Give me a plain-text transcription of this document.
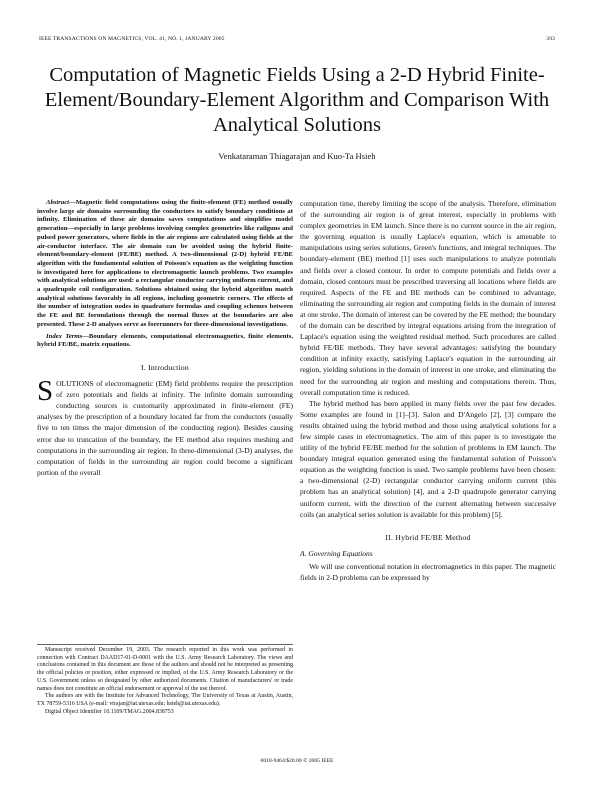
IEEE TRANSACTIONS ON MAGNETICS, VOL. 41, NO. 1, JANUARY 2005	393
Computation of Magnetic Fields Using a 2-D Hybrid Finite-Element/Boundary-Element Algorithm and Comparison With Analytical Solutions
Venkataraman Thiagarajan and Kuo-Ta Hsieh

Abstract—Magnetic field computations using the finite-element (FE) method usually involve large air domains surrounding the conductors to satisfy boundary conditions at infinity. Elimination of these air domains saves computations and simplifies model generation—especially in large problems involving complex geometries like railguns and pulsed power generators, where fields in the air regions are calculated using fields at the air-conductor interface. The air domain can be avoided using the hybrid finite-element/boundary-element (FE/BE) method. A two-dimensional (2-D) hybrid FE/BE algorithm with the fundamental solution of Poisson's equation as the weighting function is investigated here for applications to electromagnetic launch problems. Two examples with analytical solutions are used: a rectangular conductor carrying uniform current, and a quadrupole coil configuration. Solutions obtained using the hybrid algorithm match analytical solutions favorably in all regions, including geometric corners. The effects of the number of integration nodes in quadrature formulas and coupling schemes between the FE and BE formulations through the normal fluxes at the boundaries are also presented. These 2-D analyses serve as forerunners for three-dimensional investigations.

Index Terms—Boundary elements, computational electromagnetics, finite elements, hybrid FE/BE, matrix equations.

I. Introduction

SOLUTIONS of electromagnetic (EM) field problems require the prescription of zero potentials and fields at infinity. The infinite domain surrounding conducting sources is customarily approximated in finite-element (FE) analyses by the prescription of a boundary located far from the conductors (usually five to ten times the major dimension of the conducting region). Besides causing error due to truncation of the boundary, the FE method also requires meshing and computations in the surrounding air region. In three-dimensional (3-D) analyses, the computation of fields in the surrounding air region could become a significant portion of the overall

Manuscript received December 19, 2003. The research reported in this work was performed in connection with Contract DAAD17-01-D-0001 with the U.S. Army Research Laboratory. The views and conclusions contained in this document are those of the authors and should not be interpreted as presenting the official policies or position, either expressed or implied, of the U.S. Army Research Laboratory or the U.S. Government unless so designated by other authorized documents. Citation of manufacturers' or trade names does not constitute an official endorsement or approval of the use thereof.

The authors are with the Institute for Advanced Technology, The University of Texas at Austin, Austin, TX 78759-5316 USA (e-mail: vtrajan@iat.utexas.edu; hsieh@iat.utexas.edu).

Digital Object Identifier 10.1109/TMAG.2004.838753

computation time, thereby limiting the scope of the analysis. Therefore, elimination of the surrounding air region is of great interest, especially in problems with complex geometries in EM launch. Since there is no current source in the air region, the governing equation is usually Laplace's equation, which is amenable to manipulations using series solutions, Green's functions, and integral techniques. The boundary-element (BE) method [1] uses such manipulations to analyze potentials and fields over a closed contour. In order to compute potentials and fields over a domain, closed contours must be prescribed traversing all locations where fields are required. Aspects of the FE and BE methods can be combined to advantage, eliminating the surrounding air region and computing fields in the domain of interest at one stroke. The domain of interest can be covered by the FE method; the boundary of the domain can be described by integral equations arising from the integration of Laplace's equation using the weighted residual method. Such procedures are called hybrid FE/BE methods. They have several advantages: satisfying the boundary condition at infinity exactly, satisfying Laplace's equation in the surrounding air region, yielding solutions in the domain of interest in one stroke, and eliminating the need for the surrounding air region and meshing and computations therein. Thus, overall computation time is reduced.

The hybrid method has been applied in many fields over the past few decades. Some examples are found in [1]–[3]. Salon and D'Angelo [2], [3] compare the results obtained using the hybrid method and those using analytical solutions for a few simple cases in electromagnetics. The aim of this paper is to investigate the utility of the hybrid FE/BE method for the solution of problems in EM launch. The boundary integral equation generated using the fundamental solution of Poisson's equation as the weighting function is used. Two sample problems have been chosen: a two-dimensional (2-D) rectangular conductor carrying uniform current (this problem has an analytical solution) [4], and a 2-D quadrupole generator carrying uniform current, with the direction of the current alternating between successive coils (an analytical series solution is available for this problem) [5].

II. Hybrid FE/BE Method
A. Governing Equations

We will use conventional notation in electromagnetics in this paper. The magnetic fields in 2-D problems can be expressed by

0018-9464/$20.00 © 2005 IEEE
